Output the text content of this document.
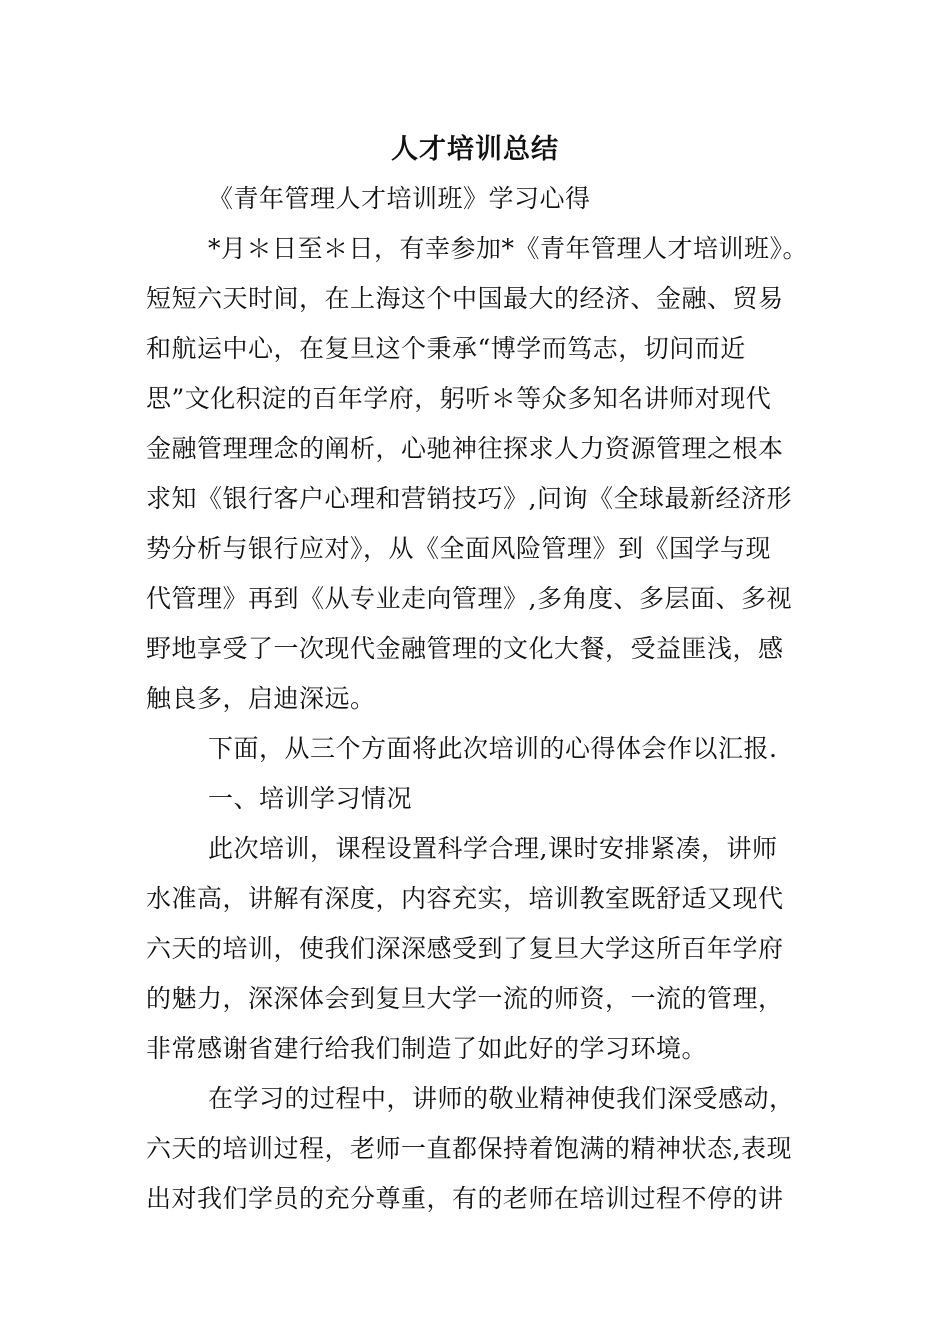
人才培训总结
《青年管理人才培训班》学习心得
*月＊日至＊日，有幸参加*《青年管理人才培训班》。
短短六天时间，在上海这个中国最大的经济、金融、贸易
和航运中心，在复旦这个秉承“博学而笃志，切问而近
思”文化积淀的百年学府，躬听＊等众多知名讲师对现代
金融管理理念的阐析，心驰神往探求人力资源管理之根本
求知《银行客户心理和营销技巧》,问询《全球最新经济形
势分析与银行应对》，从《全面风险管理》到《国学与现
代管理》再到《从专业走向管理》,多角度、多层面、多视
野地享受了一次现代金融管理的文化大餐，受益匪浅，感
触良多，启迪深远。
下面，从三个方面将此次培训的心得体会作以汇报.
一、培训学习情况
此次培训，课程设置科学合理,课时安排紧凑，讲师
水准高，讲解有深度，内容充实，培训教室既舒适又现代
六天的培训，使我们深深感受到了复旦大学这所百年学府
的魅力，深深体会到复旦大学一流的师资，一流的管理，
非常感谢省建行给我们制造了如此好的学习环境。
在学习的过程中，讲师的敬业精神使我们深受感动，
六天的培训过程，老师一直都保持着饱满的精神状态,表现
出对我们学员的充分尊重，有的老师在培训过程不停的讲
